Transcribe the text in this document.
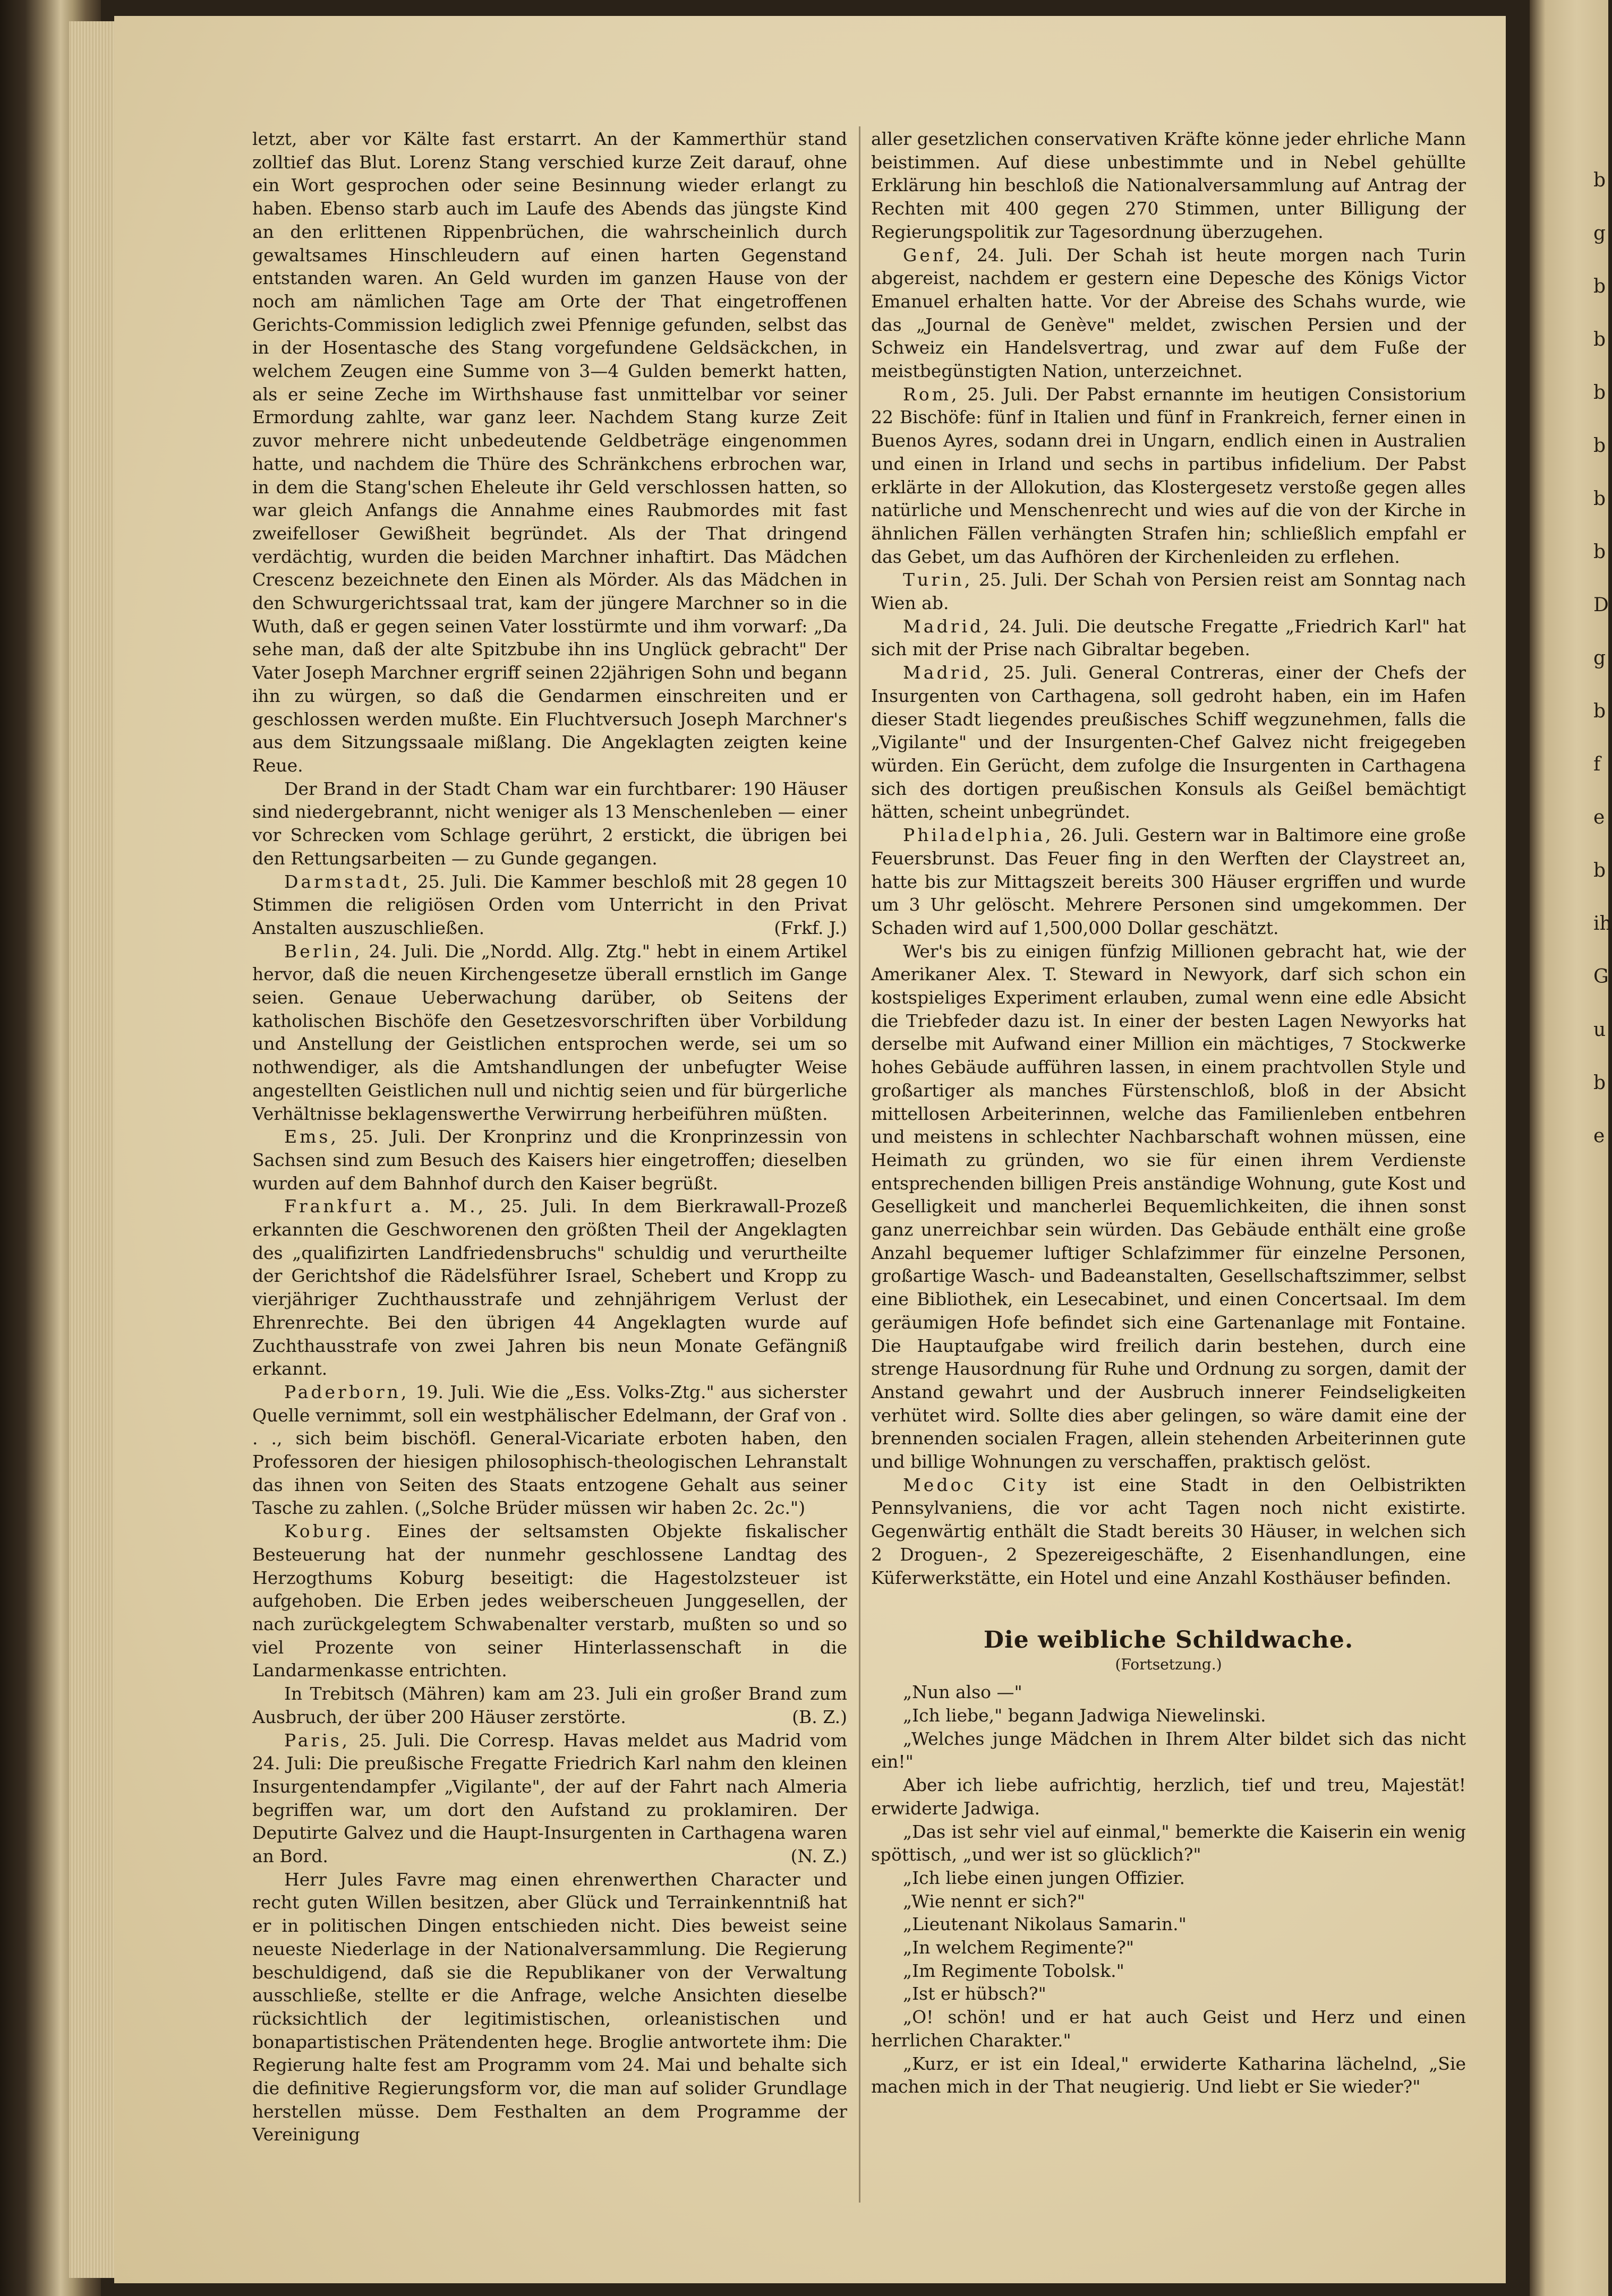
b
g
b
b
b
b
b
b
D
g
b
f
e
b
ih
G
u
b
e

letzt, aber vor Kälte fast erstarrt. An der Kammerthür stand zolltief das Blut. Lorenz Stang verschied kurze Zeit darauf, ohne ein Wort gesprochen oder seine Besinnung wieder erlangt zu haben. Ebenso starb auch im Laufe des Abends das jüngste Kind an den erlittenen Rippenbrüchen, die wahrscheinlich durch gewaltsames Hinschleudern auf einen harten Gegenstand entstanden waren. An Geld wurden im ganzen Hause von der noch am nämlichen Tage am Orte der That eingetroffenen Gerichts-Commission lediglich zwei Pfennige gefunden, selbst das in der Hosentasche des Stang vorgefundene Geldsäckchen, in welchem Zeugen eine Summe von 3—4 Gulden bemerkt hatten, als er seine Zeche im Wirthshause fast unmittelbar vor seiner Ermordung zahlte, war ganz leer. Nachdem Stang kurze Zeit zuvor mehrere nicht unbedeutende Geldbeträge eingenommen hatte, und nachdem die Thüre des Schränkchens erbrochen war, in dem die Stang'schen Eheleute ihr Geld verschlossen hatten, so war gleich Anfangs die Annahme eines Raubmordes mit fast zweifelloser Gewißheit begründet. Als der That dringend verdächtig, wurden die beiden Marchner inhaftirt. Das Mädchen Crescenz bezeichnete den Einen als Mörder. Als das Mädchen in den Schwurgerichtssaal trat, kam der jüngere Marchner so in die Wuth, daß er gegen seinen Vater losstürmte und ihm vorwarf: „Da sehe man, daß der alte Spitzbube ihn ins Unglück gebracht" Der Vater Joseph Marchner ergriff seinen 22jährigen Sohn und begann ihn zu würgen, so daß die Gendarmen einschreiten und er geschlossen werden mußte. Ein Fluchtversuch Joseph Marchner's aus dem Sitzungssaale mißlang. Die Angeklagten zeigten keine Reue.

Der Brand in der Stadt Cham war ein furchtbarer: 190 Häuser sind niedergebrannt, nicht weniger als 13 Menschenleben — einer vor Schrecken vom Schlage gerührt, 2 erstickt, die übrigen bei den Rettungsarbeiten — zu Gunde gegangen.

Darmstadt, 25. Juli. Die Kammer beschloß mit 28 gegen 10 Stimmen die religiösen Orden vom Unterricht in den Privat Anstalten auszuschließen.	(Frkf. J.)

Berlin, 24. Juli. Die „Nordd. Allg. Ztg." hebt in einem Artikel hervor, daß die neuen Kirchengesetze überall ernstlich im Gange seien. Genaue Ueberwachung darüber, ob Seitens der katholischen Bischöfe den Gesetzesvorschriften über Vorbildung und Anstellung der Geistlichen entsprochen werde, sei um so nothwendiger, als die Amtshandlungen der unbefugter Weise angestellten Geistlichen null und nichtig seien und für bürgerliche Verhältnisse beklagenswerthe Verwirrung herbeiführen müßten.

Ems, 25. Juli. Der Kronprinz und die Kronprinzessin von Sachsen sind zum Besuch des Kaisers hier eingetroffen; dieselben wurden auf dem Bahnhof durch den Kaiser begrüßt.

Frankfurt a. M., 25. Juli. In dem Bierkrawall-Prozeß erkannten die Geschworenen den größten Theil der Angeklagten des „qualifizirten Landfriedensbruchs" schuldig und verurtheilte der Gerichtshof die Rädelsführer Israel, Schebert und Kropp zu vierjähriger Zuchthausstrafe und zehnjährigem Verlust der Ehrenrechte. Bei den übrigen 44 Angeklagten wurde auf Zuchthausstrafe von zwei Jahren bis neun Monate Gefängniß erkannt.

Paderborn, 19. Juli. Wie die „Ess. Volks-Ztg." aus sicherster Quelle vernimmt, soll ein westphälischer Edelmann, der Graf von . . ., sich beim bischöfl. General-Vicariate erboten haben, den Professoren der hiesigen philosophisch-theologischen Lehranstalt das ihnen von Seiten des Staats entzogene Gehalt aus seiner Tasche zu zahlen. („Solche Brüder müssen wir haben 2c. 2c.")

Koburg. Eines der seltsamsten Objekte fiskalischer Besteuerung hat der nunmehr geschlossene Landtag des Herzogthums Koburg beseitigt: die Hagestolzsteuer ist aufgehoben. Die Erben jedes weiberscheuen Junggesellen, der nach zurückgelegtem Schwabenalter verstarb, mußten so und so viel Prozente von seiner Hinterlassenschaft in die Landarmenkasse entrichten.

In Trebitsch (Mähren) kam am 23. Juli ein großer Brand zum Ausbruch, der über 200 Häuser zerstörte.	(B. Z.)

Paris, 25. Juli. Die Corresp. Havas meldet aus Madrid vom 24. Juli: Die preußische Fregatte Friedrich Karl nahm den kleinen Insurgentendampfer „Vigilante", der auf der Fahrt nach Almeria begriffen war, um dort den Aufstand zu proklamiren. Der Deputirte Galvez und die Haupt-Insurgenten in Carthagena waren an Bord.	(N. Z.)

Herr Jules Favre mag einen ehrenwerthen Character und recht guten Willen besitzen, aber Glück und Terrainkenntniß hat er in politischen Dingen entschieden nicht. Dies beweist seine neueste Niederlage in der Nationalversammlung. Die Regierung beschuldigend, daß sie die Republikaner von der Verwaltung ausschließe, stellte er die Anfrage, welche Ansichten dieselbe rücksichtlich der legitimistischen, orleanistischen und bonapartistischen Prätendenten hege. Broglie antwortete ihm: Die Regierung halte fest am Programm vom 24. Mai und behalte sich die definitive Regierungsform vor, die man auf solider Grundlage herstellen müsse. Dem Festhalten an dem Programme der Vereinigung

aller gesetzlichen conservativen Kräfte könne jeder ehrliche Mann beistimmen. Auf diese unbestimmte und in Nebel gehüllte Erklärung hin beschloß die Nationalversammlung auf Antrag der Rechten mit 400 gegen 270 Stimmen, unter Billigung der Regierungspolitik zur Tagesordnung überzugehen.

Genf, 24. Juli. Der Schah ist heute morgen nach Turin abgereist, nachdem er gestern eine Depesche des Königs Victor Emanuel erhalten hatte. Vor der Abreise des Schahs wurde, wie das „Journal de Genève" meldet, zwischen Persien und der Schweiz ein Handelsvertrag, und zwar auf dem Fuße der meistbegünstigten Nation, unterzeichnet.

Rom, 25. Juli. Der Pabst ernannte im heutigen Consistorium 22 Bischöfe: fünf in Italien und fünf in Frankreich, ferner einen in Buenos Ayres, sodann drei in Ungarn, endlich einen in Australien und einen in Irland und sechs in partibus infidelium. Der Pabst erklärte in der Allokution, das Klostergesetz verstoße gegen alles natürliche und Menschenrecht und wies auf die von der Kirche in ähnlichen Fällen verhängten Strafen hin; schließlich empfahl er das Gebet, um das Aufhören der Kirchenleiden zu erflehen.

Turin, 25. Juli. Der Schah von Persien reist am Sonntag nach Wien ab.

Madrid, 24. Juli. Die deutsche Fregatte „Friedrich Karl" hat sich mit der Prise nach Gibraltar begeben.

Madrid, 25. Juli. General Contreras, einer der Chefs der Insurgenten von Carthagena, soll gedroht haben, ein im Hafen dieser Stadt liegendes preußisches Schiff wegzunehmen, falls die „Vigilante" und der Insurgenten-Chef Galvez nicht freigegeben würden. Ein Gerücht, dem zufolge die Insurgenten in Carthagena sich des dortigen preußischen Konsuls als Geißel bemächtigt hätten, scheint unbegründet.

Philadelphia, 26. Juli. Gestern war in Baltimore eine große Feuersbrunst. Das Feuer fing in den Werften der Claystreet an, hatte bis zur Mittagszeit bereits 300 Häuser ergriffen und wurde um 3 Uhr gelöscht. Mehrere Personen sind umgekommen. Der Schaden wird auf 1,500,000 Dollar geschätzt.

Wer's bis zu einigen fünfzig Millionen gebracht hat, wie der Amerikaner Alex. T. Steward in Newyork, darf sich schon ein kostspieliges Experiment erlauben, zumal wenn eine edle Absicht die Triebfeder dazu ist. In einer der besten Lagen Newyorks hat derselbe mit Aufwand einer Million ein mächtiges, 7 Stockwerke hohes Gebäude aufführen lassen, in einem prachtvollen Style und großartiger als manches Fürstenschloß, bloß in der Absicht mittellosen Arbeiterinnen, welche das Familienleben entbehren und meistens in schlechter Nachbarschaft wohnen müssen, eine Heimath zu gründen, wo sie für einen ihrem Verdienste entsprechenden billigen Preis anständige Wohnung, gute Kost und Geselligkeit und mancherlei Bequemlichkeiten, die ihnen sonst ganz unerreichbar sein würden. Das Gebäude enthält eine große Anzahl bequemer luftiger Schlafzimmer für einzelne Personen, großartige Wasch- und Badeanstalten, Gesellschaftszimmer, selbst eine Bibliothek, ein Lesecabinet, und einen Concertsaal. Im dem geräumigen Hofe befindet sich eine Gartenanlage mit Fontaine. Die Hauptaufgabe wird freilich darin bestehen, durch eine strenge Hausordnung für Ruhe und Ordnung zu sorgen, damit der Anstand gewahrt und der Ausbruch innerer Feindseligkeiten verhütet wird. Sollte dies aber gelingen, so wäre damit eine der brennenden socialen Fragen, allein stehenden Arbeiterinnen gute und billige Wohnungen zu verschaffen, praktisch gelöst.

Medoc City ist eine Stadt in den Oelbistrikten Pennsylvaniens, die vor acht Tagen noch nicht existirte. Gegenwärtig enthält die Stadt bereits 30 Häuser, in welchen sich 2 Droguen-, 2 Spezereigeschäfte, 2 Eisenhandlungen, eine Küferwerkstätte, ein Hotel und eine Anzahl Kosthäuser befinden.

Die weibliche Schildwache.
(Fortsetzung.)

„Nun also —"

„Ich liebe," begann Jadwiga Niewelinski.

„Welches junge Mädchen in Ihrem Alter bildet sich das nicht ein!"

Aber ich liebe aufrichtig, herzlich, tief und treu, Majestät! erwiderte Jadwiga.

„Das ist sehr viel auf einmal," bemerkte die Kaiserin ein wenig spöttisch, „und wer ist so glücklich?"

„Ich liebe einen jungen Offizier.

„Wie nennt er sich?"

„Lieutenant Nikolaus Samarin."

„In welchem Regimente?"

„Im Regimente Tobolsk."

„Ist er hübsch?"

„O! schön! und er hat auch Geist und Herz und einen herrlichen Charakter."

„Kurz, er ist ein Ideal," erwiderte Katharina lächelnd, „Sie machen mich in der That neugierig. Und liebt er Sie wieder?"
